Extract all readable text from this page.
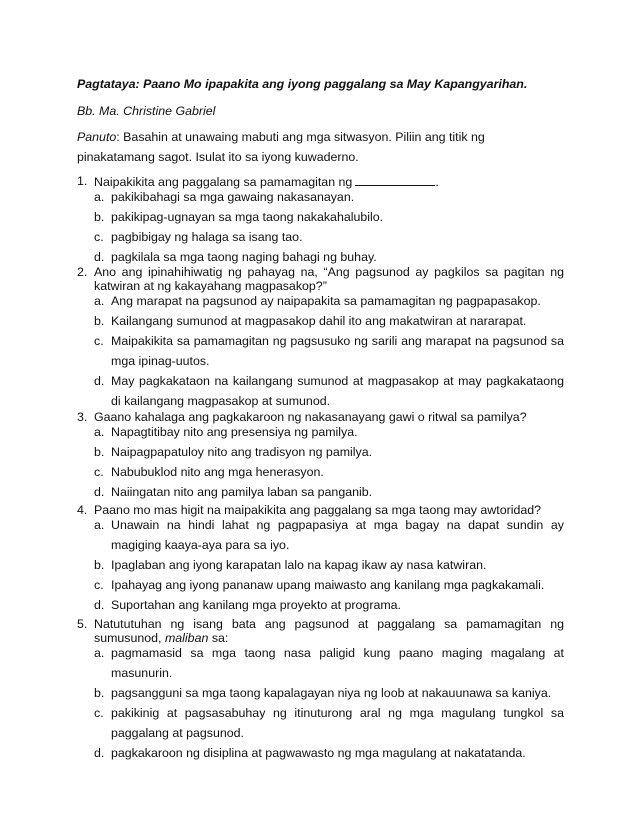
Pagtataya: Paano Mo ipapakita ang iyong paggalang sa May Kapangyarihan.
Bb. Ma. Christine Gabriel
Panuto: Basahin at unawaing mabuti ang mga sitwasyon. Piliin ang titik ng pinakatamang sagot. Isulat ito sa iyong kuwaderno.
1. Naipakikita ang paggalang sa pamamagitan ng	.
a. pakikibahagi sa mga gawaing nakasanayan.
b. pakikipag-ugnayan sa mga taong nakakahalubilo.
c. pagbibigay ng halaga sa isang tao.
d. pagkilala sa mga taong naging bahagi ng buhay.
2. Ano ang ipinahihiwatig ng pahayag na, “Ang pagsunod ay pagkilos sa pagitan ng katwiran at ng kakayahang magpasakop?”
a. Ang marapat na pagsunod ay naipapakita sa pamamagitan ng pagpapasakop.
b. Kailangang sumunod at magpasakop dahil ito ang makatwiran at nararapat.
c. Maipakikita sa pamamagitan ng pagsusuko ng sarili ang marapat na pagsunod sa mga ipinag-uutos.
d. May pagkakataon na kailangang sumunod at magpasakop at may pagkakataong di kailangang magpasakop at sumunod.
3. Gaano kahalaga ang pagkakaroon ng nakasanayang gawi o ritwal sa pamilya?
a. Napagtitibay nito ang presensiya ng pamilya.
b. Naipagpapatuloy nito ang tradisyon ng pamilya.
c. Nabubuklod nito ang mga henerasyon.
d. Naiingatan nito ang pamilya laban sa panganib.
4. Paano mo mas higit na maipakikita ang paggalang sa mga taong may awtoridad?
a. Unawain na hindi lahat ng pagpapasiya at mga bagay na dapat sundin ay magiging kaaya-aya para sa iyo.
b. Ipaglaban ang iyong karapatan lalo na kapag ikaw ay nasa katwiran.
c. Ipahayag ang iyong pananaw upang maiwasto ang kanilang mga pagkakamali.
d. Suportahan ang kanilang mga proyekto at programa.
5. Natututuhan ng isang bata ang pagsunod at paggalang sa pamamagitan ng sumusunod, maliban sa:
a. pagmamasid sa mga taong nasa paligid kung paano maging magalang at masunurin.
b. pagsangguni sa mga taong kapalagayan niya ng loob at nakauunawa sa kaniya.
c. pakikinig at pagsasabuhay ng itinuturong aral ng mga magulang tungkol sa paggalang at pagsunod.
d. pagkakaroon ng disiplina at pagwawasto ng mga magulang at nakatatanda.
